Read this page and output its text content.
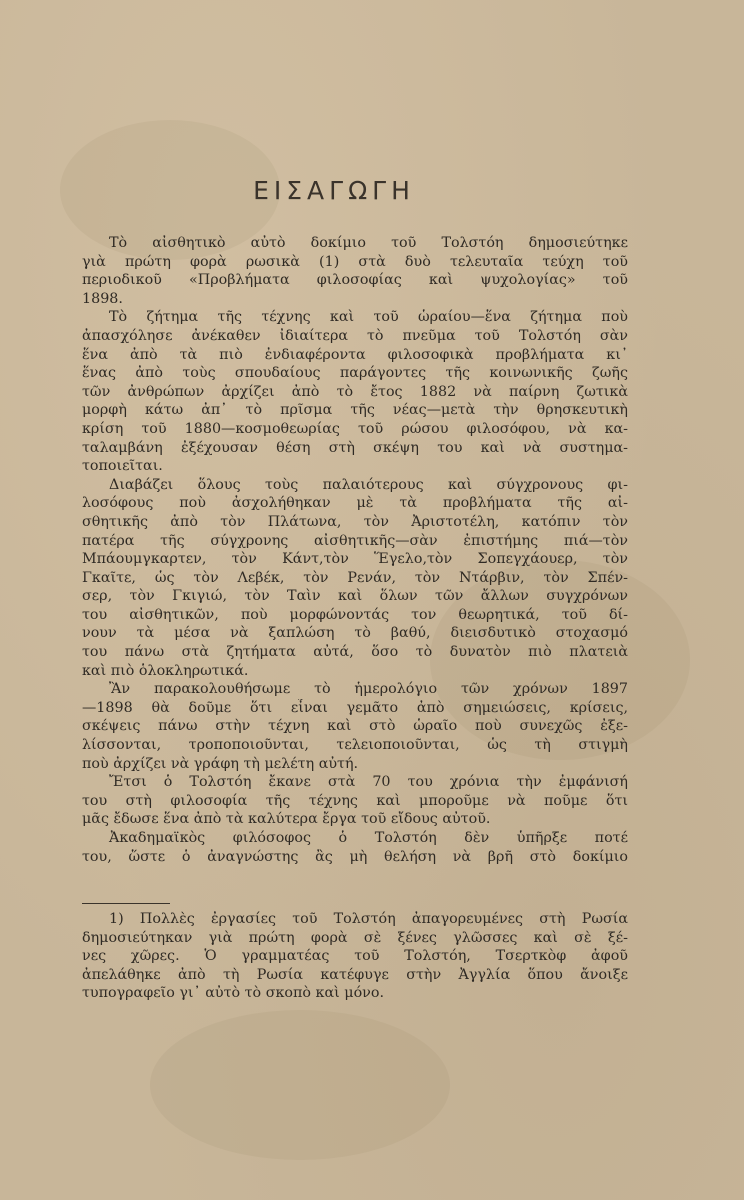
ΕΙΣΑΓΩΓΗ
Τὸ αἰσθητικὸ αὐτὸ δοκίμιο τοῦ Τολστόη δημοσιεύτηκε
γιὰ πρώτη φορὰ ρωσικὰ (1) στὰ δυὸ τελευταῖα τεύχη τοῦ
περιοδικοῦ «Προβλήματα φιλοσοφίας καὶ ψυχολογίας» τοῦ
1898.
Τὸ ζήτημα τῆς τέχνης καὶ τοῦ ὡραίου—ἕνα ζήτημα ποὺ
ἀπασχόλησε ἀνέκαθεν ἰδιαίτερα τὸ πνεῦμα τοῦ Τολστόη σὰν
ἕνα ἀπὸ τὰ πιὸ ἐνδιαφέροντα φιλοσοφικὰ προβλήματα κι᾽
ἕνας ἀπὸ τοὺς σπουδαίους παράγοντες τῆς κοινωνικῆς ζωῆς
τῶν ἀνθρώπων ἀρχίζει ἀπὸ τὸ ἔτος 1882 νὰ παίρνη ζωτικὰ
μορφὴ κάτω ἀπ᾽ τὸ πρῖσμα τῆς νέας—μετὰ τὴν θρησκευτικὴ
κρίση τοῦ 1880—κοσμοθεωρίας τοῦ ρώσου φιλοσόφου, νὰ κα-
ταλαμβάνη ἐξέχουσαν θέση στὴ σκέψη του καὶ νὰ συστημα-
τοποιεῖται.
Διαβάζει ὅλους τοὺς παλαιότερους καὶ σύγχρονους φι-
λοσόφους ποὺ ἀσχολήθηκαν μὲ τὰ προβλήματα τῆς αἰ-
σθητικῆς ἀπὸ τὸν Πλάτωνα, τὸν Ἀριστοτέλη, κατόπιν τὸν
πατέρα τῆς σύγχρονης αἰσθητικῆς—σὰν ἐπιστήμης πιά—τὸν
Μπάουμγκαρτεν, τὸν Κάντ,τὸν Ἕγελο,τὸν Σοπεγχάουερ, τὸν
Γκαῖτε, ὡς τὸν Λεβέκ, τὸν Ρενάν, τὸν Ντάρβιν, τὸν Σπέν-
σερ, τὸν Γκιγιώ, τὸν Ταὶν καὶ ὅλων τῶν ἄλλων συγχρόνων
του αἰσθητικῶν, ποὺ μορφώνοντάς τον θεωρητικά, τοῦ δί-
νουν τὰ μέσα νὰ ξαπλώση τὸ βαθύ, διεισδυτικὸ στοχασμό
του πάνω στὰ ζητήματα αὐτά, ὅσο τὸ δυνατὸν πιὸ πλατειὰ
καὶ πιὸ ὁλοκληρωτικά.
Ἂν παρακολουθήσωμε τὸ ἡμερολόγιο τῶν χρόνων 1897
—1898 θὰ δοῦμε ὅτι εἶναι γεμᾶτο ἀπὸ σημειώσεις, κρίσεις,
σκέψεις πάνω στὴν τέχνη καὶ στὸ ὡραῖο ποὺ συνεχῶς ἐξε-
λίσσονται, τροποποιοῦνται, τελειοποιοῦνται, ὡς τὴ στιγμὴ
ποὺ ἀρχίζει νὰ γράφη τὴ μελέτη αὐτή.
Ἔτσι ὁ Τολστόη ἔκανε στὰ 70 του χρόνια τὴν ἐμφάνισή
του στὴ φιλοσοφία τῆς τέχνης καὶ μποροῦμε νὰ ποῦμε ὅτι
μᾶς ἔδωσε ἕνα ἀπὸ τὰ καλύτερα ἔργα τοῦ εἴδους αὐτοῦ.
Ἀκαδημαϊκὸς φιλόσοφος ὁ Τολστόη δὲν ὑπῆρξε ποτέ
του, ὥστε ὁ ἀναγνώστης ἂς μὴ θελήση νὰ βρῆ στὸ δοκίμιο
1) Πολλὲς ἐργασίες τοῦ Τολστόη ἀπαγορευμένες στὴ Ρωσία
δημοσιεύτηκαν γιὰ πρώτη φορὰ σὲ ξένες γλῶσσες καὶ σὲ ξέ-
νες χῶρες. Ὁ γραμματέας τοῦ Τολστόη, Τσερτκὸφ ἀφοῦ
ἀπελάθηκε ἀπὸ τὴ Ρωσία κατέφυγε στὴν Ἀγγλία ὅπου ἄνοιξε
τυπογραφεῖο γι᾽ αὐτὸ τὸ σκοπὸ καὶ μόνο.
